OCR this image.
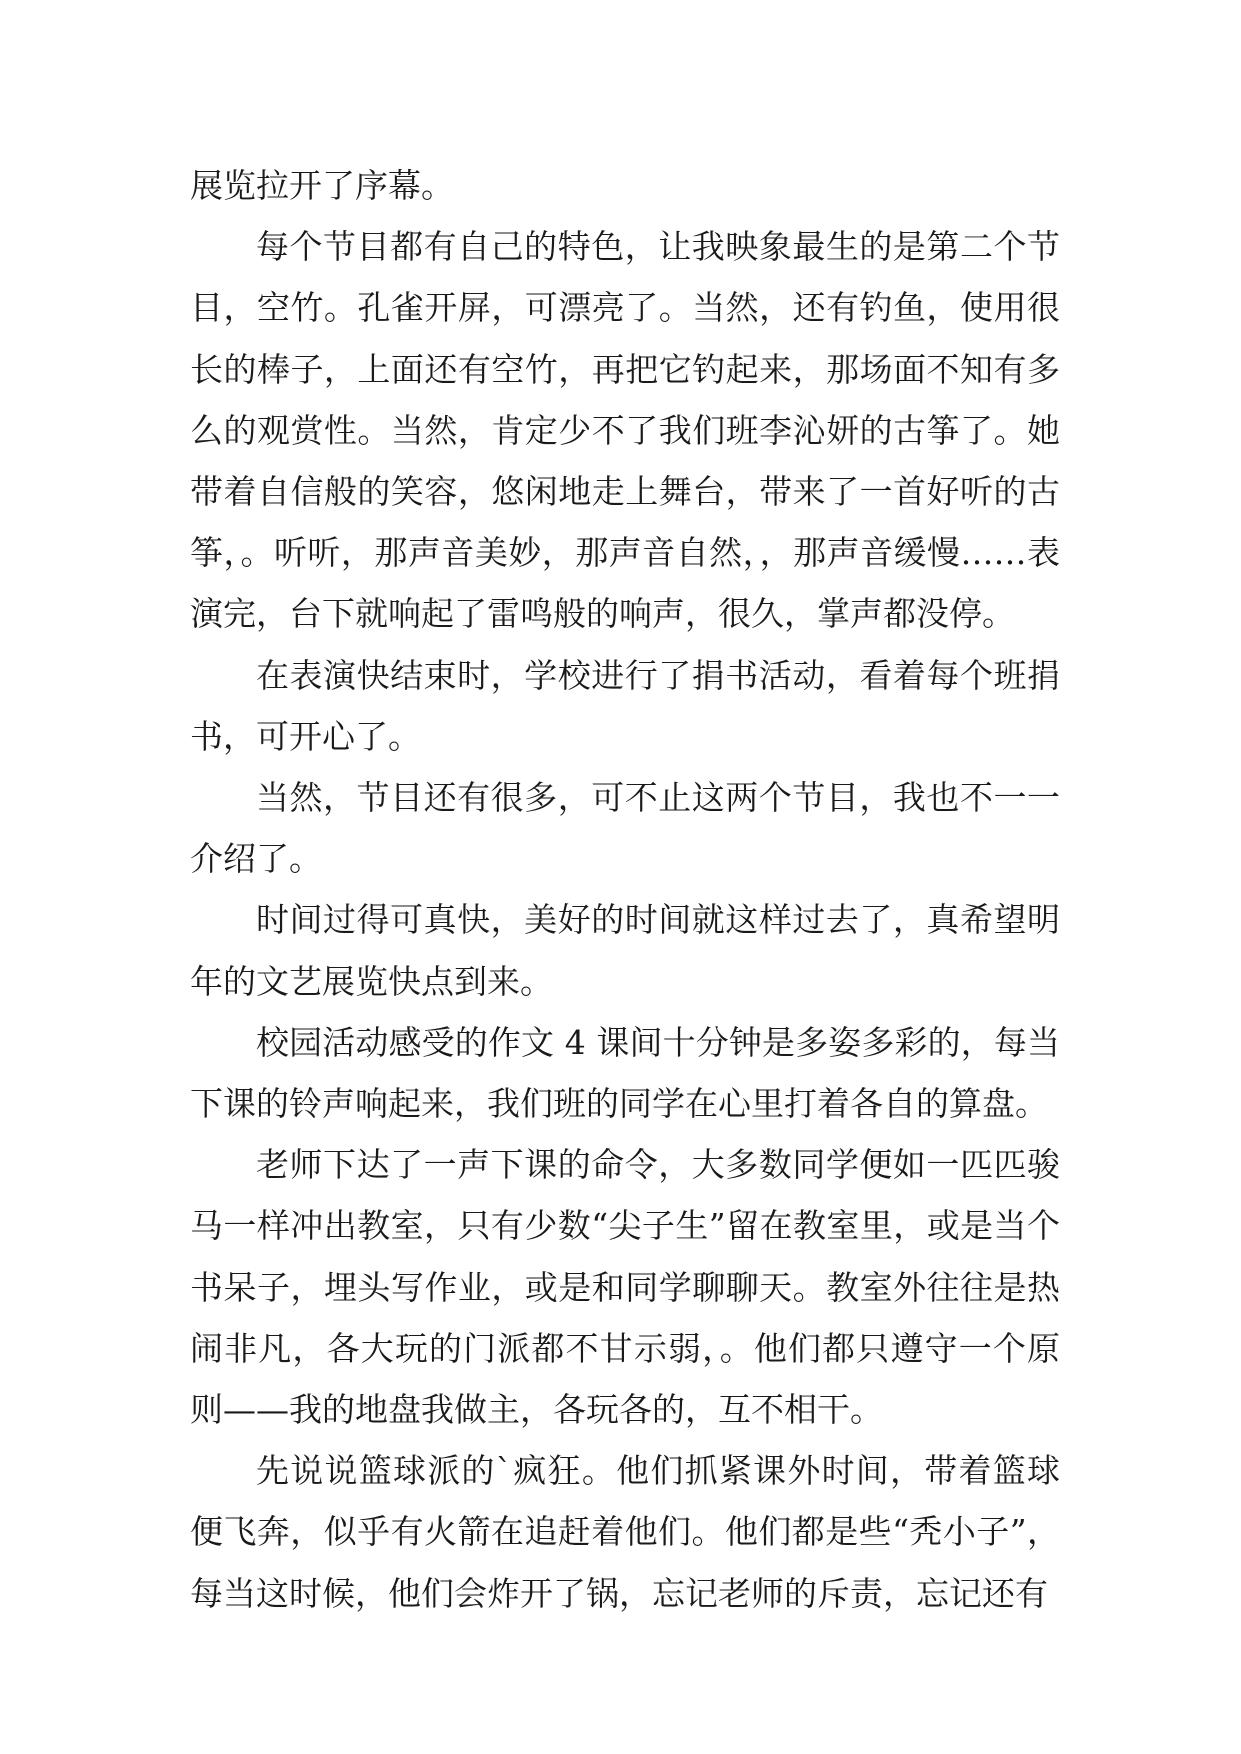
展览拉开了序幕。

每个节目都有自己的特色，让我映象最生的是第二个节目，空竹。孔雀开屏，可漂亮了。当然，还有钓鱼，使用很长的棒子，上面还有空竹，再把它钓起来，那场面不知有多么的观赏性。当然，肯定少不了我们班李沁妍的古筝了。她带着自信般的笑容，悠闲地走上舞台，带来了一首好听的古筝，。听听，那声音美妙，那声音自然，，那声音缓慢……表演完，台下就响起了雷鸣般的响声，很久，掌声都没停。

在表演快结束时，学校进行了捐书活动，看着每个班捐书，可开心了。

当然，节目还有很多，可不止这两个节目，我也不一一介绍了。

时间过得可真快，美好的时间就这样过去了，真希望明年的文艺展览快点到来。

校园活动感受的作文 4 课间十分钟是多姿多彩的，每当下课的铃声响起来，我们班的同学在心里打着各自的算盘。

老师下达了一声下课的命令，大多数同学便如一匹匹骏马一样冲出教室，只有少数“尖子生”留在教室里，或是当个书呆子，埋头写作业，或是和同学聊聊天。教室外往往是热闹非凡，各大玩的门派都不甘示弱，。他们都只遵守一个原则——我的地盘我做主，各玩各的，互不相干。

先说说篮球派的`疯狂。他们抓紧课外时间，带着篮球便飞奔，似乎有火箭在追赶着他们。他们都是些“秃小子”，每当这时候，他们会炸开了锅，忘记老师的斥责，忘记还有
